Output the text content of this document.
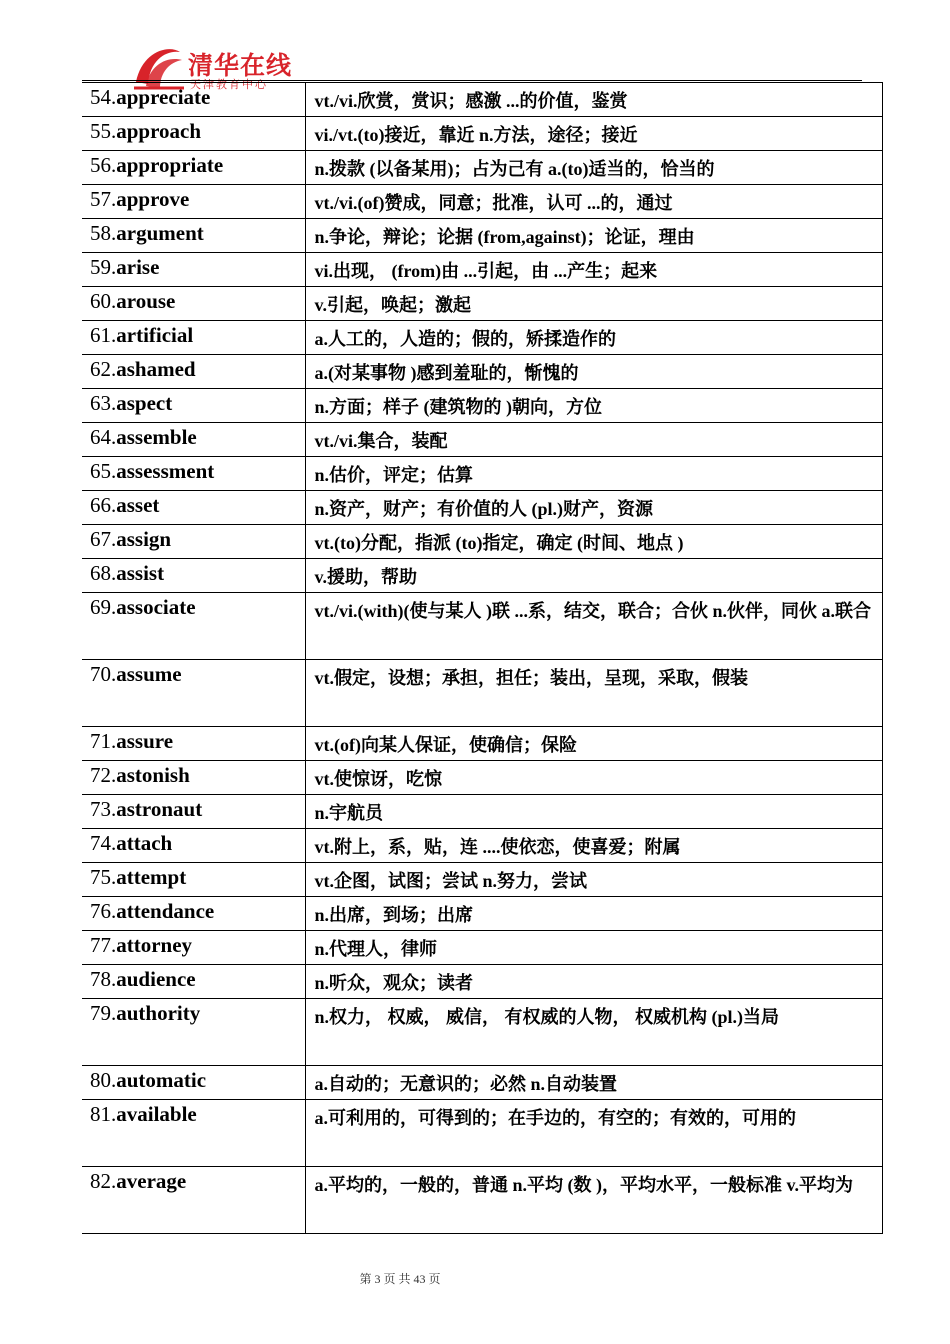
清华在线
天津教育中心
54.appreciate	vt./vi.欣赏，赏识；感激 ...的价值，鉴赏
55.approach	vi./vt.(to)接近，靠近 n.方法，途径；接近
56.appropriate	n.拨款 (以备某用)；占为己有 a.(to)适当的，恰当的
57.approve	vt./vi.(of)赞成，同意；批准，认可 ...的，通过
58.argument	n.争论，辩论；论据 (from,against)；论证，理由
59.arise	vi.出现， (from)由 ...引起，由 ...产生；起来
60.arouse	v.引起，唤起；激起
61.artificial	a.人工的，人造的；假的，矫揉造作的
62.ashamed	a.(对某事物 )感到羞耻的，惭愧的
63.aspect	n.方面；样子 (建筑物的 )朝向，方位
64.assemble	vt./vi.集合，装配
65.assessment	n.估价，评定；估算
66.asset	n.资产，财产；有价值的人 (pl.)财产，资源
67.assign	vt.(to)分配，指派 (to)指定，确定 (时间、地点 )
68.assist	v.援助，帮助
69.associate	vt./vi.(with)(使与某人 )联 ...系，结交，联合；合伙 n.伙伴，同伙 a.联合
70.assume	vt.假定，设想；承担，担任；装出，呈现，采取，假装
71.assure	vt.(of)向某人保证，使确信；保险
72.astonish	vt.使惊讶，吃惊
73.astronaut	n.宇航员
74.attach	vt.附上，系，贴，连 ....使依恋，使喜爱；附属
75.attempt	vt.企图，试图；尝试 n.努力，尝试
76.attendance	n.出席，到场；出席
77.attorney	n.代理人，律师
78.audience	n.听众，观众；读者
79.authority	n.权力， 权威， 威信， 有权威的人物， 权威机构 (pl.)当局
80.automatic	a.自动的；无意识的；必然 n.自动装置
81.available	a.可利用的，可得到的；在手边的，有空的；有效的，可用的
82.average	a.平均的，一般的，普通 n.平均 (数 )，平均水平，一般标准 v.平均为
第 3 页 共 43 页
